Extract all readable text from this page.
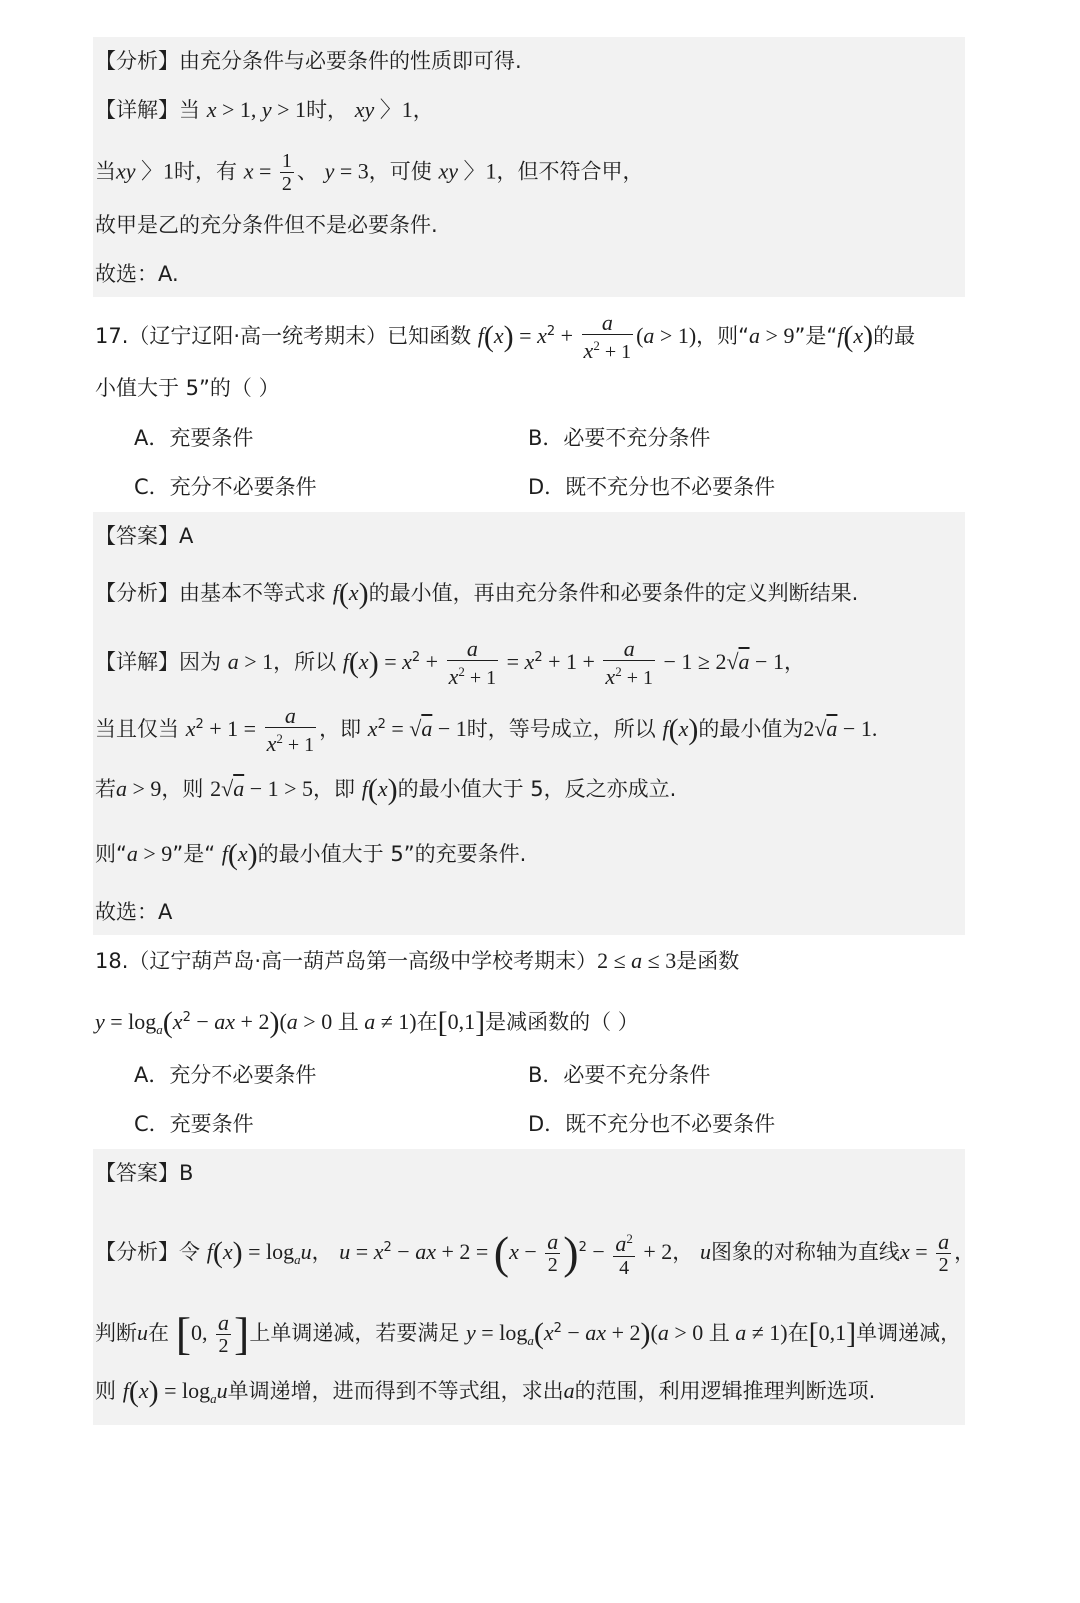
【分析】由充分条件与必要条件的性质即可得.
【详解】当 x > 1, y > 1时， xy 〉1，
当xy 〉1时，有 $x = \frac{1}{2}$ 、 y = 3，可使 xy 〉1，但不符合甲，
故甲是乙的充分条件但不是必要条件.
故选：A.
17.（辽宁辽阳·高一统考期末）已知函数 $f(x) = x^2 + \frac{a}{x^2 + 1} (a > 1)$，则“a > 9”是“f(x)的最
小值大于 5”的（ ）
A．充要条件	B．必要不充分条件
C．充分不必要条件	D．既不充分也不必要条件
【答案】A
【分析】由基本不等式求 f(x)的最小值，再由充分条件和必要条件的定义判断结果.
【详解】因为 a > 1，所以 $f(x) = x^2 + \frac{a}{x^2 + 1} = x^2 + 1 + \frac{a}{x^2 + 1} - 1 \ge 2√a - 1$，
当且仅当 $x^2 + 1 = \frac{a}{x^2 + 1}$ ，即 $x^2 = √a - 1$时，等号成立，所以 f(x)的最小值为2√a − 1.
若a > 9，则 2√a − 1 > 5，即 f(x)的最小值大于 5，反之亦成立.
则“a > 9”是“ f(x)的最小值大于 5”的充要条件.
故选：A
18.（辽宁葫芦岛·高一葫芦岛第一高级中学校考期末）2 ≤ a ≤ 3是函数
$y = \log_a(x^2$ − ax + 2)(a > 0 且 a ≠ 1)在[0,1]是减函数的（ ）
A．充分不必要条件	B．必要不充分条件
C．充要条件	D．既不充分也不必要条件
【答案】B
【分析】令 $f(x) = \log_au$， $u = x^2$ − ax + $2 = (x - \frac{a}{2} )^2 - \frac{a^2}{4} + 2$， u图象的对称轴为直线$x = \frac{a}{2}$ ，
判断u在 [0, $\frac{a}{2}$ ]上单调递减，若要满足 $y = \log_a(x^2$ − ax + 2)(a > 0 且 a ≠ 1)在[0,1]单调递减，
则 $f(x) = \log_au$单调递增，进而得到不等式组，求出a的范围，利用逻辑推理判断选项.
